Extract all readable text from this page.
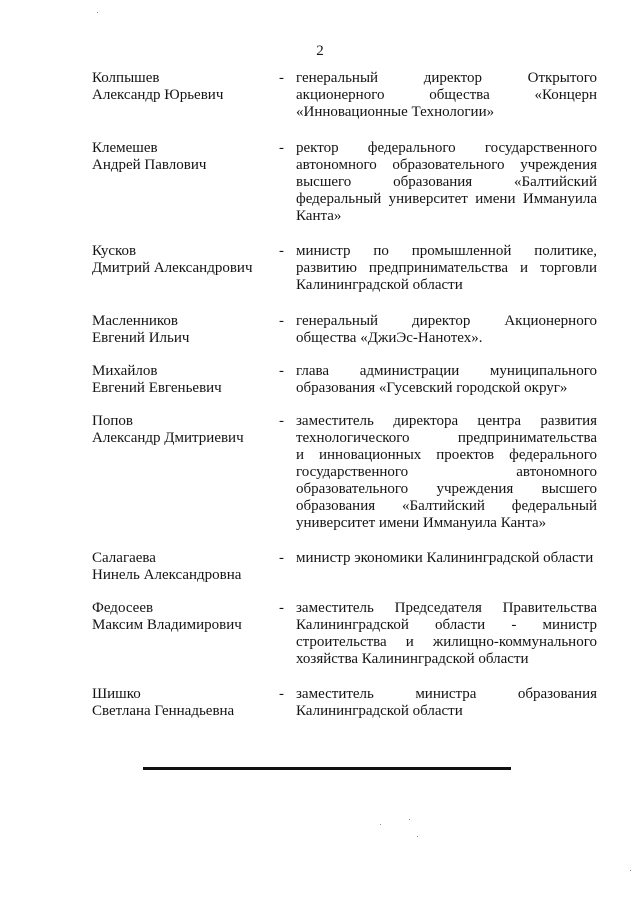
2
Колпышев
Александр Юрьевич
- генеральный директор Открытого
акционерного общества «Концерн
«Инновационные Технологии»
Клемешев
Андрей Павлович
- ректор федерального государственного
автономного образовательного учреждения
высшего образования «Балтийский
федеральный университет имени Иммануила
Канта»
Кусков
Дмитрий Александрович
- министр по промышленной политике,
развитию предпринимательства и торговли
Калининградской области
Масленников
Евгений Ильич
- генеральный директор Акционерного
общества «ДжиЭс-Нанотех».
Михайлов
Евгений Евгеньевич
- глава администрации муниципального
образования «Гусевский городской округ»
Попов
Александр Дмитриевич
- заместитель директора центра развития
технологического предпринимательства
и инновационных проектов федерального
государственного автономного
образовательного учреждения высшего
образования «Балтийский федеральный
университет имени Иммануила Канта»
Салагаева
Нинель Александровна
- министр экономики Калининградской области
Федосеев
Максим Владимирович
- заместитель Председателя Правительства
Калининградской области - министр
строительства и жилищно-коммунального
хозяйства Калининградской области
Шишко
Светлана Геннадьевна
- заместитель министра образования
Калининградской области
